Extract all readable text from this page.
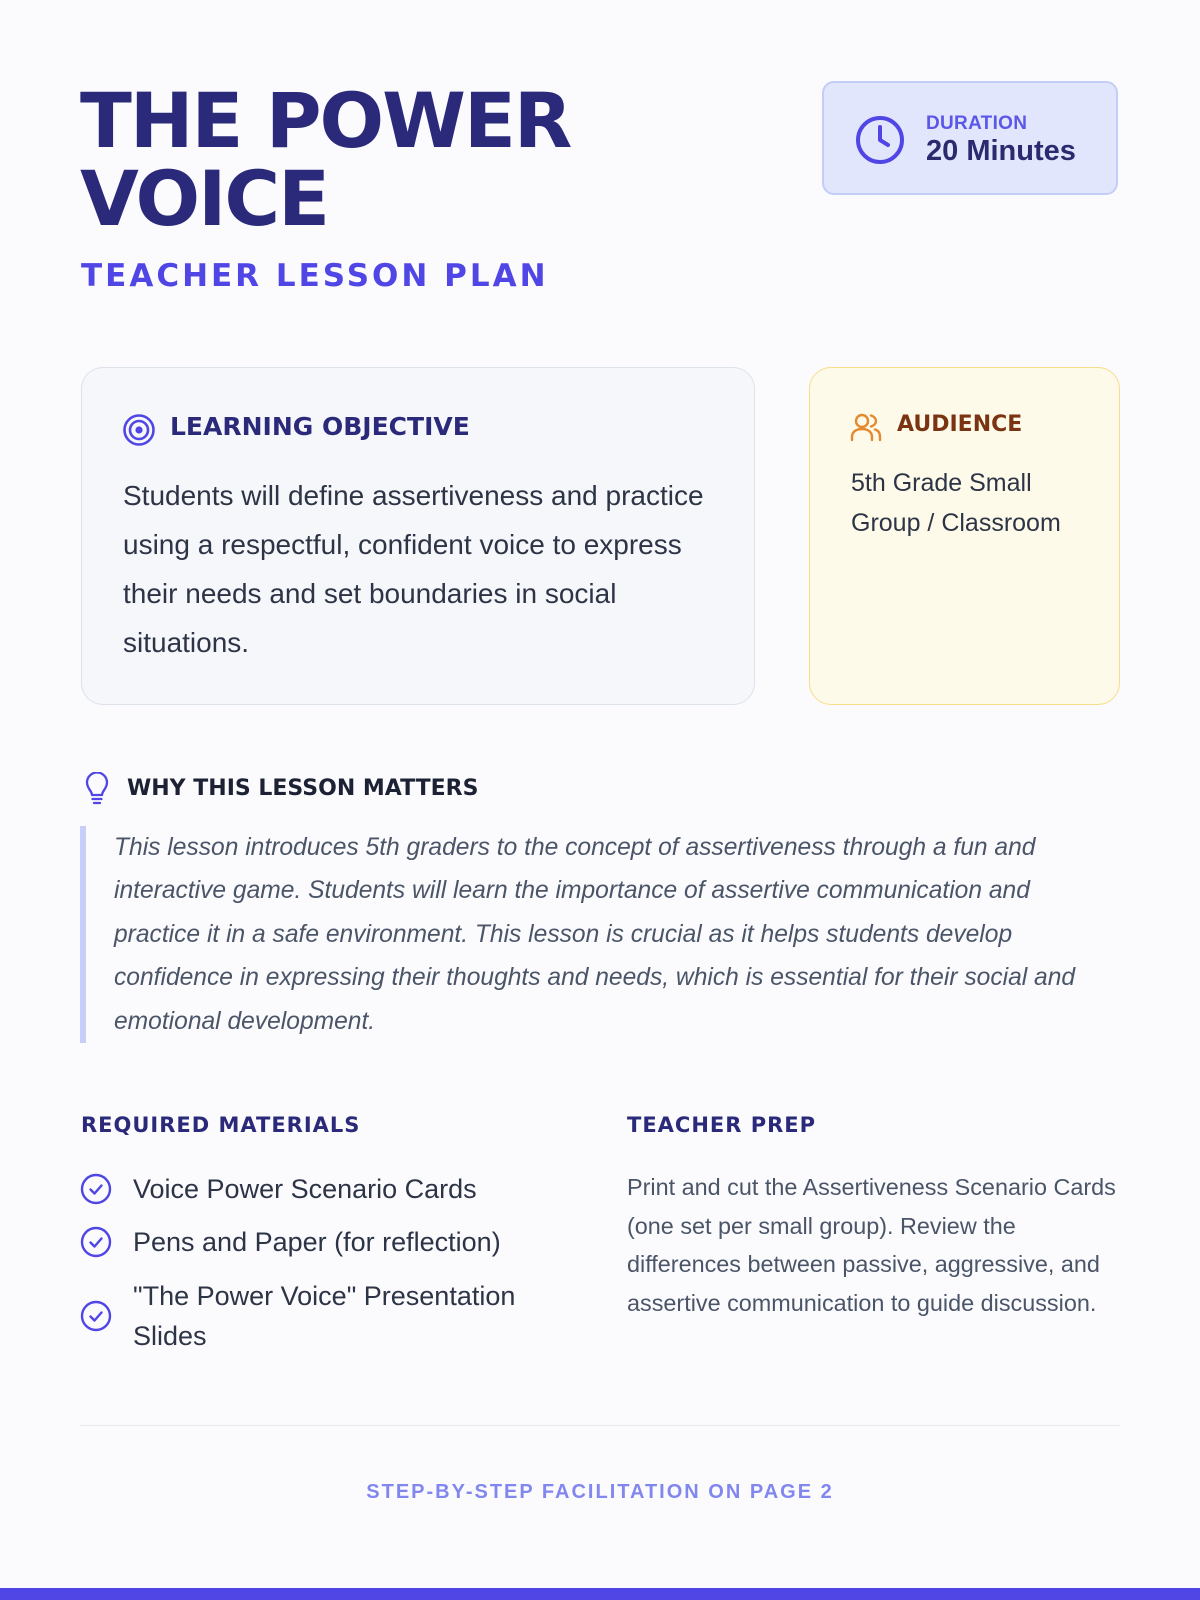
THE POWER
VOICE
TEACHER LESSON PLAN
DURATION
20 Minutes
LEARNING OBJECTIVE
Students will define assertiveness and practice using a respectful, confident voice to express their needs and set boundaries in social situations.
AUDIENCE
5th Grade Small Group / Classroom
WHY THIS LESSON MATTERS
This lesson introduces 5th graders to the concept of assertiveness through a fun and interactive game. Students will learn the importance of assertive communication and practice it in a safe environment. This lesson is crucial as it helps students develop confidence in expressing their thoughts and needs, which is essential for their social and emotional development.
REQUIRED MATERIALS
Voice Power Scenario Cards
Pens and Paper (for reflection)
"The Power Voice" Presentation Slides
TEACHER PREP
Print and cut the Assertiveness Scenario Cards (one set per small group). Review the differences between passive, aggressive, and assertive communication to guide discussion.
STEP-BY-STEP FACILITATION ON PAGE 2
